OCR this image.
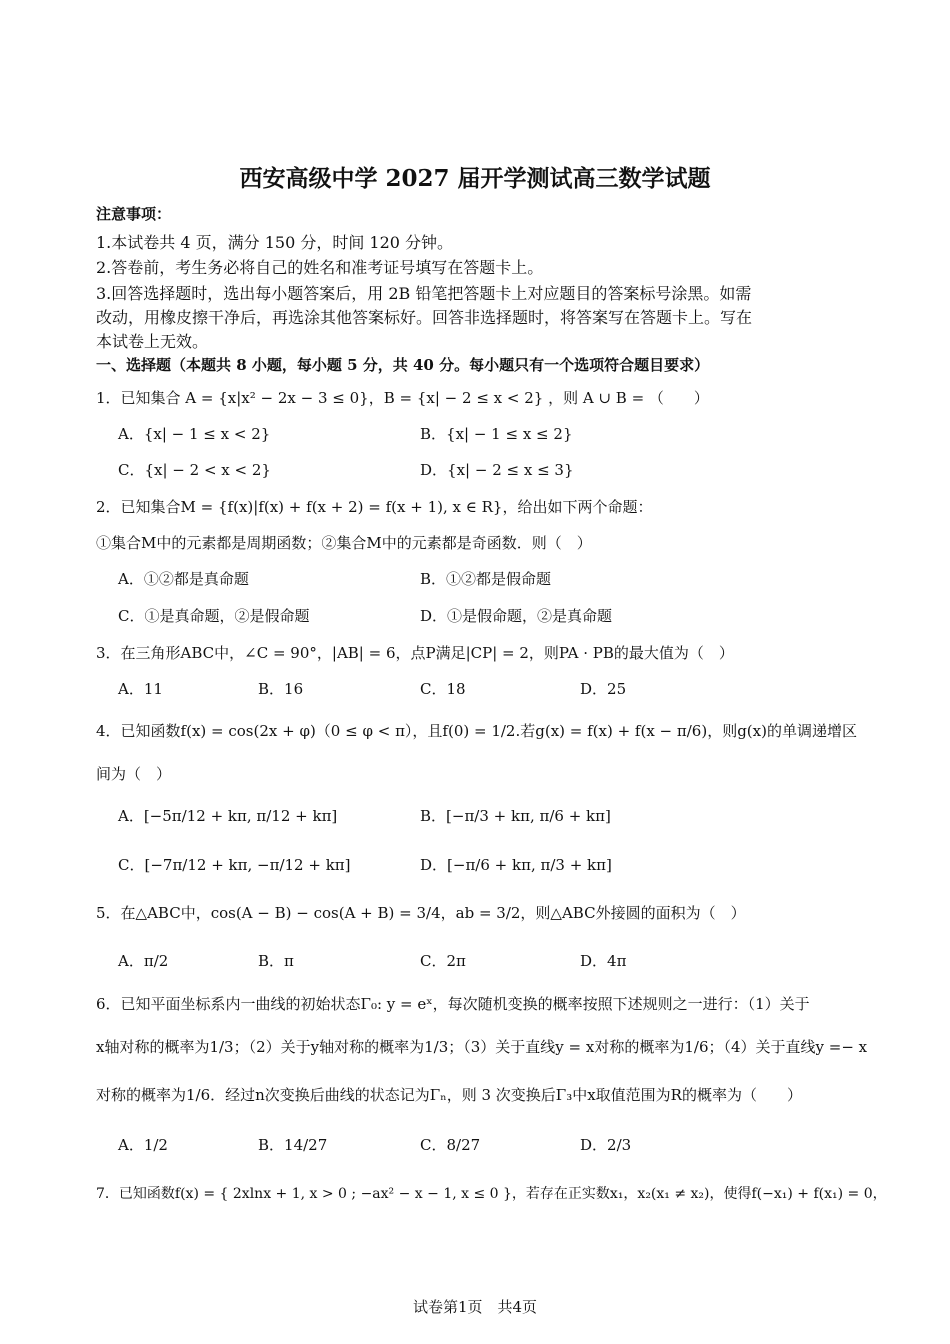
西安高级中学 2027 届开学测试高三数学试题
注意事项：
1.本试卷共 4 页，满分 150 分，时间 120 分钟。
2.答卷前，考生务必将自己的姓名和准考证号填写在答题卡上。
3.回答选择题时，选出每小题答案后，用 2B 铅笔把答题卡上对应题目的答案标号涂黑。如需
改动，用橡皮擦干净后，再选涂其他答案标好。回答非选择题时，将答案写在答题卡上。写在
本试卷上无效。
一、选择题（本题共 8 小题，每小题 5 分，共 40 分。每小题只有一个选项符合题目要求）
1．已知集合 A = {x|x² − 2x − 3 ≤ 0}，B = {x| − 2 ≤ x < 2} ，则 A ∪ B = （　　）
A．{x| − 1 ≤ x < 2}	B．{x| − 1 ≤ x ≤ 2}
C．{x| − 2 < x < 2}	D．{x| − 2 ≤ x ≤ 3}
2．已知集合M = {f(x)|f(x) + f(x + 2) = f(x + 1), x ∈ R}，给出如下两个命题：
①集合M中的元素都是周期函数；②集合M中的元素都是奇函数．则（　）
A．①②都是真命题	B．①②都是假命题
C．①是真命题，②是假命题	D．①是假命题，②是真命题
3．在三角形ABC中，∠C = 90°，|AB| = 6，点P满足|CP| = 2，则PA · PB的最大值为（　）
A．11	B．16	C．18	D．25
4．已知函数f(x) = cos(2x + φ)（0 ≤ φ < π），且f(0) = 1/2.若g(x) = f(x) + f(x − π/6)，则g(x)的单调递增区
间为（　）
A．[−5π/12 + kπ, π/12 + kπ]	B．[−π/3 + kπ, π/6 + kπ]
C．[−7π/12 + kπ, −π/12 + kπ]	D．[−π/6 + kπ, π/3 + kπ]
5．在△ABC中，cos(A − B) − cos(A + B) = 3/4，ab = 3/2，则△ABC外接圆的面积为（　）
A．π/2	B．π	C．2π	D．4π
6．已知平面坐标系内一曲线的初始状态Γ₀: y = eˣ，每次随机变换的概率按照下述规则之一进行：（1）关于
x轴对称的概率为1/3；（2）关于y轴对称的概率为1/3；（3）关于直线y = x对称的概率为1/6；（4）关于直线y =− x
对称的概率为1/6．经过n次变换后曲线的状态记为Γₙ，则 3 次变换后Γ₃中x取值范围为R的概率为（　　）
A．1/2	B．14/27	C．8/27	D．2/3
7．已知函数f(x) = { 2xlnx + 1, x > 0 ; −ax² − x − 1, x ≤ 0 }，若存在正实数x₁，x₂(x₁ ≠ x₂)，使得f(−x₁) + f(x₁) = 0，
试卷第1页　共4页
